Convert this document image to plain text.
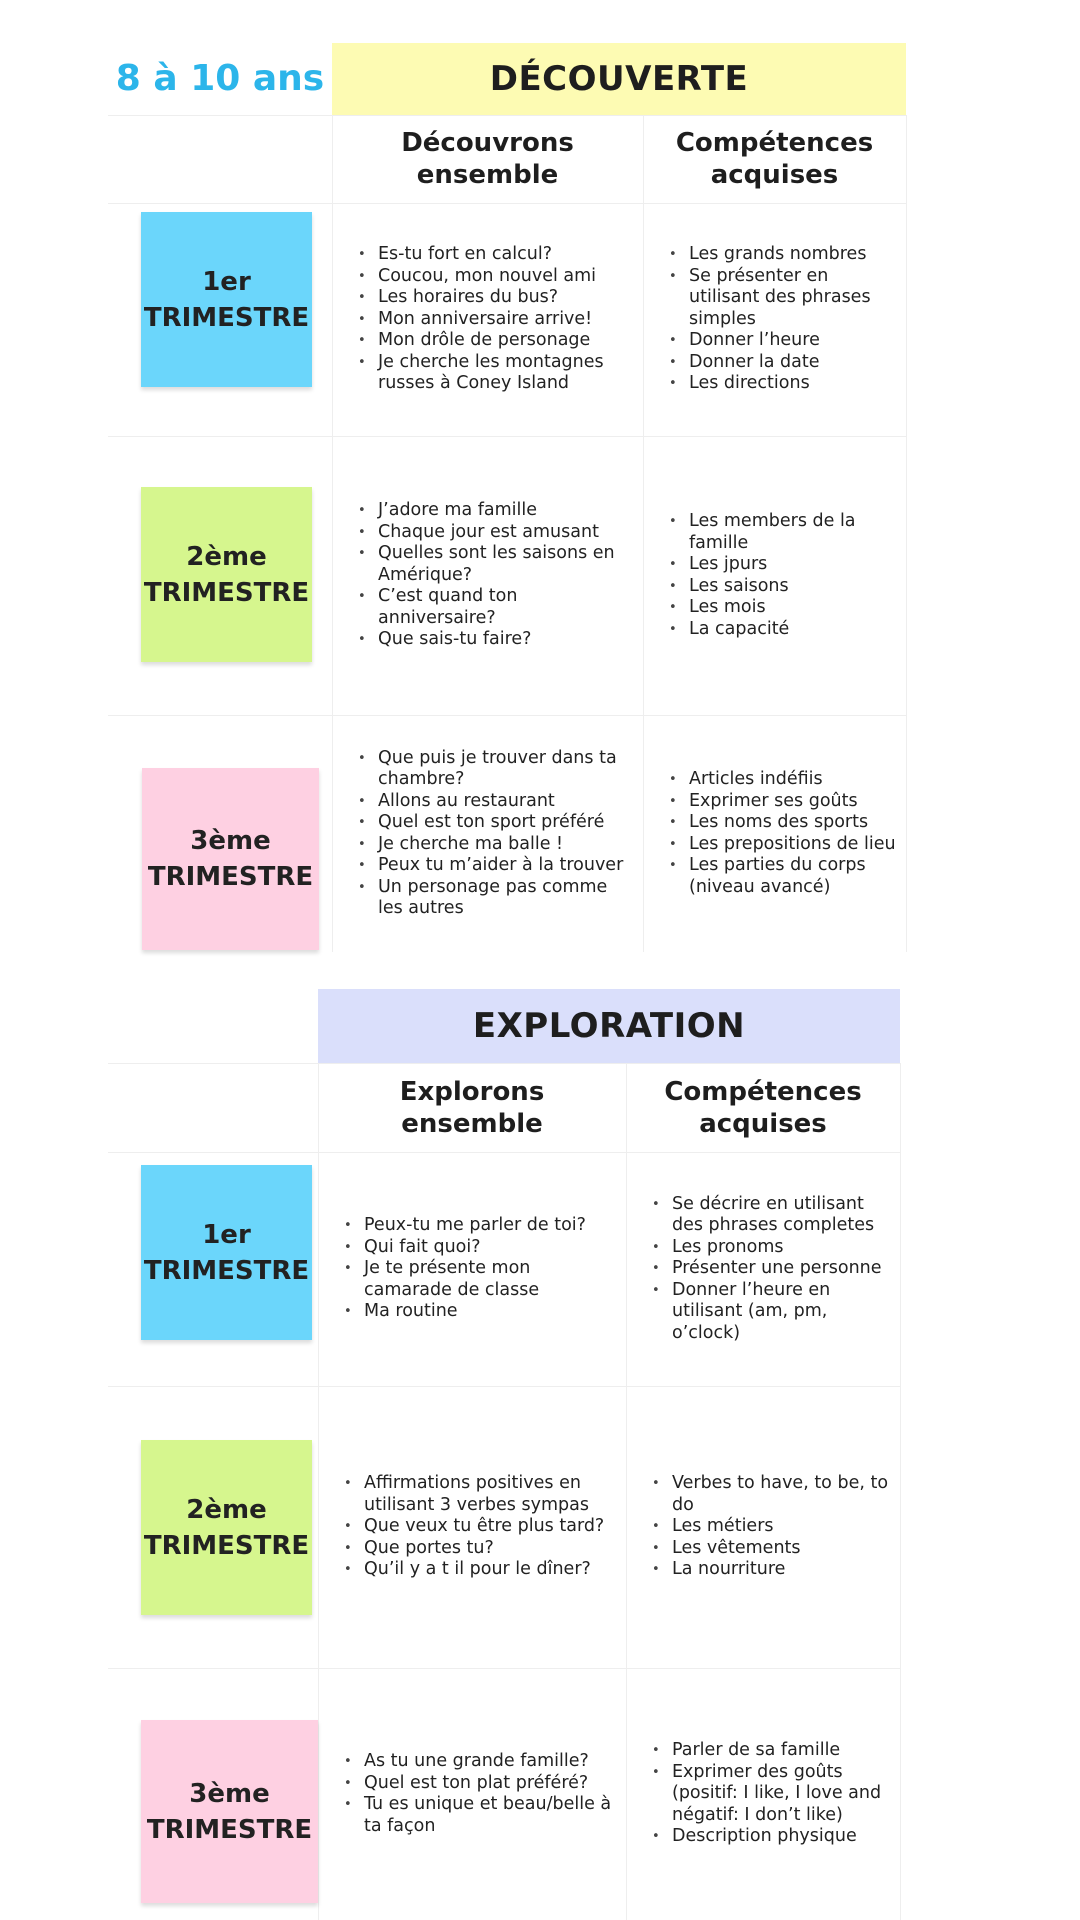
8 à 10 ans	DÉCOUVERTE
Découvrons
ensemble
Compétences
acquises
1er
TRIMESTRE
• Es-tu fort en calcul?
• Coucou, mon nouvel ami
• Les horaires du bus?
• Mon anniversaire arrive!
• Mon drôle de personage
• Je cherche les montagnes russes à Coney Island
• Les grands nombres
• Se présenter en utilisant des phrases simples
• Donner l’heure
• Donner la date
• Les directions
2ème
TRIMESTRE
• J’adore ma famille
• Chaque jour est amusant
• Quelles sont les saisons en Amérique?
• C’est quand ton anniversaire?
• Que sais-tu faire?
• Les members de la famille
• Les jpurs
• Les saisons
• Les mois
• La capacité
3ème
TRIMESTRE
• Que puis je trouver dans ta chambre?
• Allons au restaurant
• Quel est ton sport préféré
• Je cherche ma balle !
• Peux tu m’aider à la trouver
• Un personage pas comme les autres
• Articles indéfiis
• Exprimer ses goûts
• Les noms des sports
• Les prepositions de lieu
• Les parties du corps (niveau avancé)
EXPLORATION
Explorons
ensemble
Compétences
acquises
1er
TRIMESTRE
• Peux-tu me parler de toi?
• Qui fait quoi?
• Je te présente mon camarade de classe
• Ma routine
• Se décrire en utilisant des phrases completes
• Les pronoms
• Présenter une personne
• Donner l’heure en utilisant (am, pm, o’clock)
2ème
TRIMESTRE
• Affirmations positives en utilisant 3 verbes sympas
• Que veux tu être plus tard?
• Que portes tu?
• Qu’il y a t il pour le dîner?
• Verbes to have, to be, to do
• Les métiers
• Les vêtements
• La nourriture
3ème
TRIMESTRE
• As tu une grande famille?
• Quel est ton plat préféré?
• Tu es unique et beau/belle à ta façon
• Parler de sa famille
• Exprimer des goûts (positif: I like, I love and négatif: I don’t like)
• Description physique
